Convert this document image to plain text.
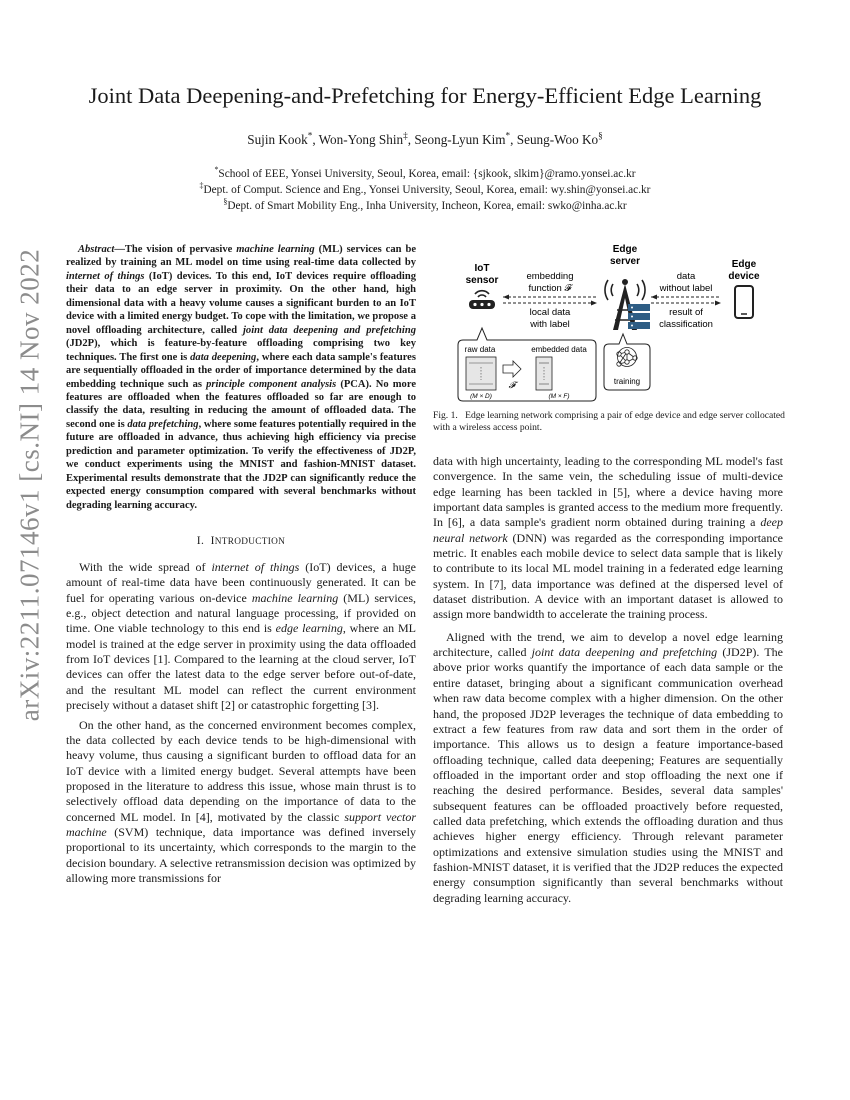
arXiv:2211.07146v1 [cs.NI] 14 Nov 2022
Joint Data Deepening-and-Prefetching for Energy-Efficient Edge Learning
Sujin Kook*, Won-Yong Shin‡, Seong-Lyun Kim*, Seung-Woo Ko§
*School of EEE, Yonsei University, Seoul, Korea, email: {sjkook, slkim}@ramo.yonsei.ac.kr
‡Dept. of Comput. Science and Eng., Yonsei University, Seoul, Korea, email: wy.shin@yonsei.ac.kr
§Dept. of Smart Mobility Eng., Inha University, Incheon, Korea, email: swko@inha.ac.kr

Abstract—The vision of pervasive machine learning (ML) services can be realized by training an ML model on time using real-time data collected by internet of things (IoT) devices. To this end, IoT devices require offloading their data to an edge server in proximity. On the other hand, high dimensional data with a heavy volume causes a significant burden to an IoT device with a limited energy budget. To cope with the limitation, we propose a novel offloading architecture, called joint data deepening and prefetching (JD2P), which is feature-by-feature offloading comprising two key techniques. The first one is data deepening, where each data sample's features are sequentially offloaded in the order of importance determined by the data embedding technique such as principle component analysis (PCA). No more features are offloaded when the features offloaded so far are enough to classify the data, resulting in reducing the amount of offloaded data. The second one is data prefetching, where some features potentially required in the future are offloaded in advance, thus achieving high efficiency via precise prediction and parameter optimization. To verify the effectiveness of JD2P, we conduct experiments using the MNIST and fashion-MNIST dataset. Experimental results demonstrate that the JD2P can significantly reduce the expected energy consumption compared with several benchmarks without degrading learning accuracy.

I. INTRODUCTION

With the wide spread of internet of things (IoT) devices, a huge amount of real-time data have been continuously generated. It can be fuel for operating various on-device machine learning (ML) services, e.g., object detection and natural language processing, if provided on time. One viable technology to this end is edge learning, where an ML model is trained at the edge server in proximity using the data offloaded from IoT devices [1]. Compared to the learning at the cloud server, IoT devices can offer the latest data to the edge server before out-of-date, and the resultant ML model can reflect the current environment precisely without a dataset shift [2] or catastrophic forgetting [3].

On the other hand, as the concerned environment becomes complex, the data collected by each device tends to be high-dimensional with heavy volume, thus causing a significant burden to offload data for an IoT device with a limited energy budget. Several attempts have been proposed in the literature to address this issue, whose main thrust is to selectively offload data depending on the importance of data to the concerned ML model. In [4], motivated by the classic support vector machine (SVM) technique, data importance was defined inversely proportional to its uncertainty, which corresponds to the margin to the decision boundary. A selective retransmission decision was optimized by allowing more transmissions for

IoT
sensor
Edge
server	Edge
device
embedding
function 𝓕
local data
with label
data
without label
result of
classification
raw data	embedded data
(M × D)
𝓕
(M × F)
training
Fig. 1. Edge learning network comprising a pair of edge device and edge server collocated with a wireless access point.

data with high uncertainty, leading to the corresponding ML model's fast convergence. In the same vein, the scheduling issue of multi-device edge learning has been tackled in [5], where a device having more important data samples is granted access to the medium more frequently. In [6], a data sample's gradient norm obtained during training a deep neural network (DNN) was regarded as the corresponding importance metric. It enables each mobile device to select data sample that is likely to contribute to its local ML model training in a federated edge learning system. In [7], data importance was defined at the dispersed level of dataset distribution. A device with an important dataset is allowed to assign more bandwidth to accelerate the training process.

Aligned with the trend, we aim to develop a novel edge learning architecture, called joint data deepening and prefetching (JD2P). The above prior works quantify the importance of each data sample or the entire dataset, bringing about a significant communication overhead when raw data become complex with a higher dimension. On the other hand, the proposed JD2P leverages the technique of data embedding to extract a few features from raw data and sort them in the order of importance. This allows us to design a feature importance-based offloading technique, called data deepening; Features are sequentially offloaded in the important order and stop offloading the next one if reaching the desired performance. Besides, several data samples' subsequent features can be offloaded proactively before requested, called data prefetching, which extends the offloading duration and thus achieves higher energy efficiency. Through relevant parameter optimizations and extensive simulation studies using the MNIST and fashion-MNIST dataset, it is verified that the JD2P reduces the expected energy consumption significantly than several benchmarks without degrading learning accuracy.
